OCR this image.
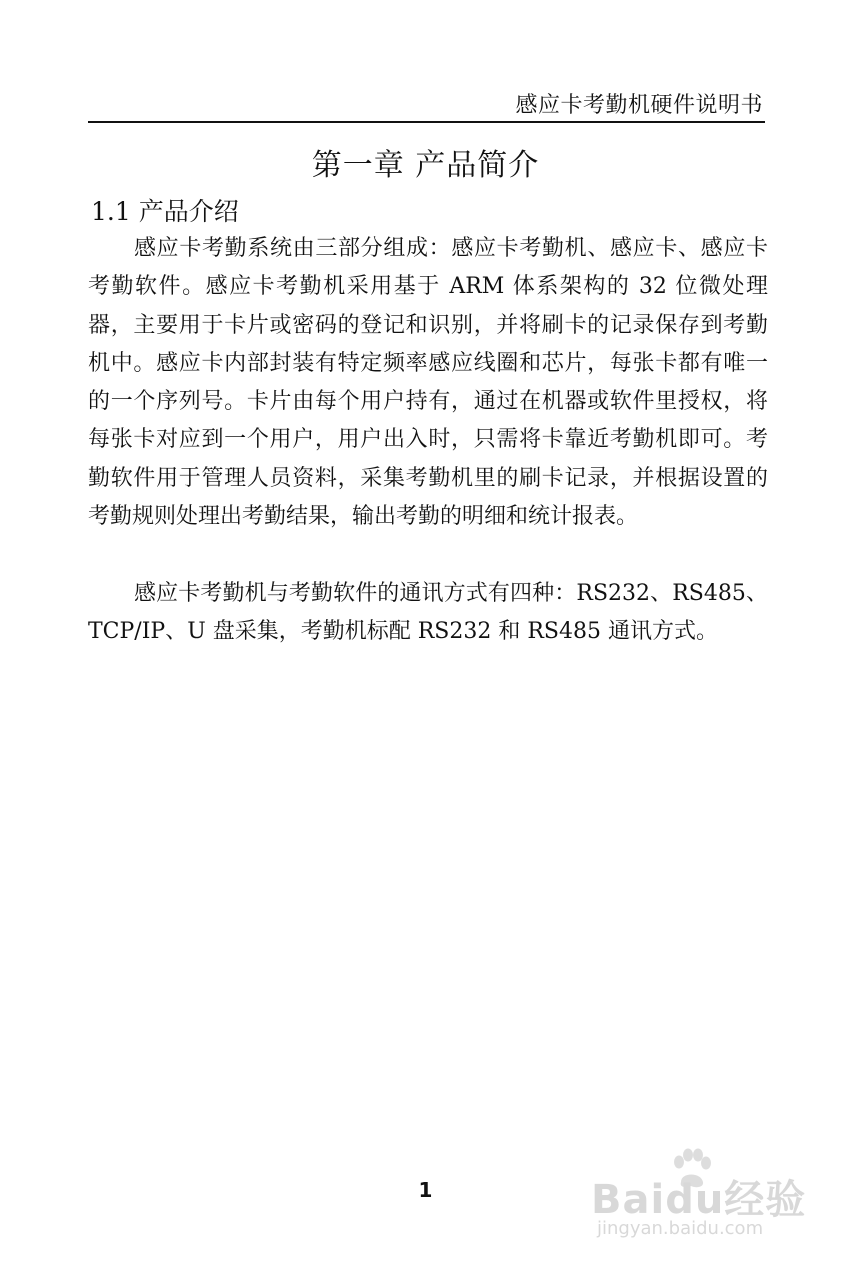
感应卡考勤机硬件说明书
第一章 产品简介
1.1 产品介绍

感应卡考勤系统由三部分组成：感应卡考勤机、感应卡、感应卡考勤软件。感应卡考勤机采用基于 ARM 体系架构的 32 位微处理器，主要用于卡片或密码的登记和识别，并将刷卡的记录保存到考勤机中。感应卡内部封装有特定频率感应线圈和芯片，每张卡都有唯一的一个序列号。卡片由每个用户持有，通过在机器或软件里授权，将每张卡对应到一个用户，用户出入时，只需将卡靠近考勤机即可。考勤软件用于管理人员资料，采集考勤机里的刷卡记录，并根据设置的考勤规则处理出考勤结果，输出考勤的明细和统计报表。

感应卡考勤机与考勤软件的通讯方式有四种：RS232、RS485、TCP/IP、U 盘采集，考勤机标配 RS232 和 RS485 通讯方式。

1	Baidu经验
jingyan.baidu.com
